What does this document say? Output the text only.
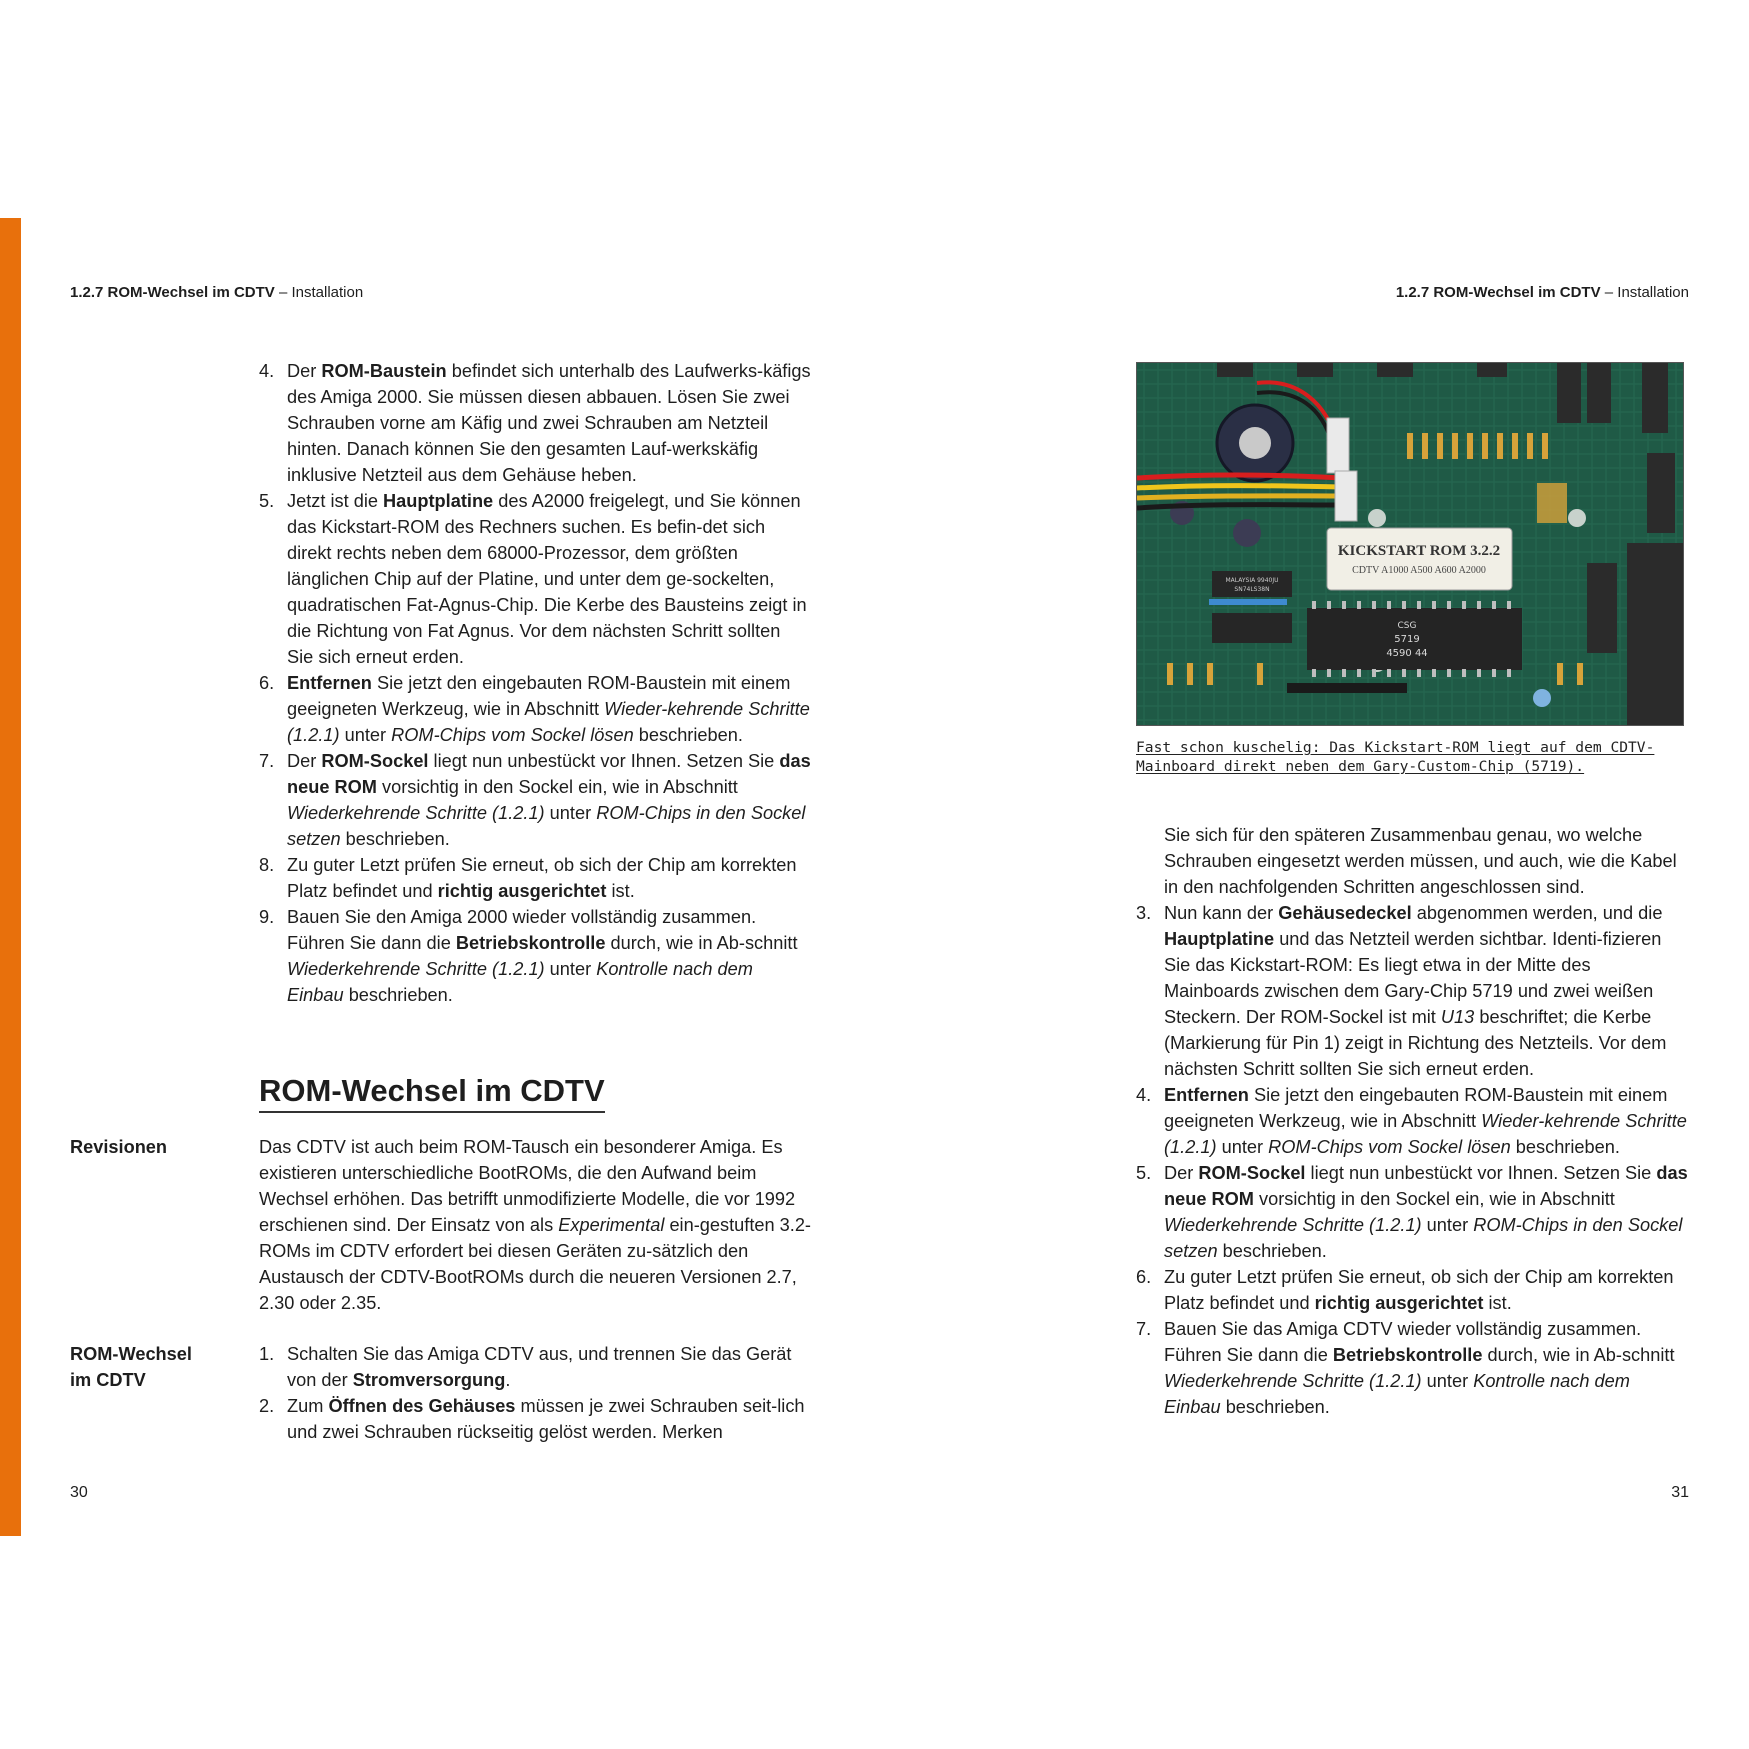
1.2.7 ROM-Wechsel im CDTV – Installation	1.2.7 ROM-Wechsel im CDTV – Installation
4. Der ROM-Baustein befindet sich unterhalb des Laufwerks-käfigs des Amiga 2000. Sie müssen diesen abbauen. Lösen Sie zwei Schrauben vorne am Käfig und zwei Schrauben am Netzteil hinten. Danach können Sie den gesamten Lauf-werkskäfig inklusive Netzteil aus dem Gehäuse heben.
5. Jetzt ist die Hauptplatine des A2000 freigelegt, und Sie können das Kickstart-ROM des Rechners suchen. Es befin-det sich direkt rechts neben dem 68000-Prozessor, dem größten länglichen Chip auf der Platine, und unter dem ge-sockelten, quadratischen Fat-Agnus-Chip. Die Kerbe des Bausteins zeigt in die Richtung von Fat Agnus. Vor dem nächsten Schritt sollten Sie sich erneut erden.
6. Entfernen Sie jetzt den eingebauten ROM-Baustein mit einem geeigneten Werkzeug, wie in Abschnitt Wieder-kehrende Schritte (1.2.1) unter ROM-Chips vom Sockel lösen beschrieben.
7. Der ROM-Sockel liegt nun unbestückt vor Ihnen. Setzen Sie das neue ROM vorsichtig in den Sockel ein, wie in Abschnitt Wiederkehrende Schritte (1.2.1) unter ROM-Chips in den Sockel setzen beschrieben.
8. Zu guter Letzt prüfen Sie erneut, ob sich der Chip am korrekten Platz befindet und richtig ausgerichtet ist.
9. Bauen Sie den Amiga 2000 wieder vollständig zusammen. Führen Sie dann die Betriebskontrolle durch, wie in Ab-schnitt Wiederkehrende Schritte (1.2.1) unter Kontrolle nach dem Einbau beschrieben.
ROM-Wechsel im CDTV
Revisionen	Das CDTV ist auch beim ROM-Tausch ein besonderer Amiga. Es existieren unterschiedliche BootROMs, die den Aufwand beim Wechsel erhöhen. Das betrifft unmodifizierte Modelle, die vor 1992 erschienen sind. Der Einsatz von als Experimental ein-gestuften 3.2-ROMs im CDTV erfordert bei diesen Geräten zu-sätzlich den Austausch der CDTV-BootROMs durch die neueren Versionen 2.7, 2.30 oder 2.35.

ROM-Wechsel
im CDTV
1. Schalten Sie das Amiga CDTV aus, und trennen Sie das Gerät von der Stromversorgung.
2. Zum Öffnen des Gehäuses müssen je zwei Schrauben seit-lich und zwei Schrauben rückseitig gelöst werden. Merken
30
KICKSTART ROM 3.2.2
CDTV A1000 A500 A600 A2000
MALAYSIA 9940JU
SN74LS38N
CSG
5719
4590 44
Fast schon kuschelig: Das Kickstart-ROM liegt auf dem CDTV-Mainboard direkt neben dem Gary-Custom-Chip (5719).

Sie sich für den späteren Zusammenbau genau, wo welche Schrauben eingesetzt werden müssen, und auch, wie die Kabel in den nachfolgenden Schritten angeschlossen sind.

3. Nun kann der Gehäusedeckel abgenommen werden, und die Hauptplatine und das Netzteil werden sichtbar. Identi-fizieren Sie das Kickstart-ROM: Es liegt etwa in der Mitte des Mainboards zwischen dem Gary-Chip 5719 und zwei weißen Steckern. Der ROM-Sockel ist mit U13 beschriftet; die Kerbe (Markierung für Pin 1) zeigt in Richtung des Netzteils. Vor dem nächsten Schritt sollten Sie sich erneut erden.
4. Entfernen Sie jetzt den eingebauten ROM-Baustein mit einem geeigneten Werkzeug, wie in Abschnitt Wieder-kehrende Schritte (1.2.1) unter ROM-Chips vom Sockel lösen beschrieben.
5. Der ROM-Sockel liegt nun unbestückt vor Ihnen. Setzen Sie das neue ROM vorsichtig in den Sockel ein, wie in Abschnitt Wiederkehrende Schritte (1.2.1) unter ROM-Chips in den Sockel setzen beschrieben.
6. Zu guter Letzt prüfen Sie erneut, ob sich der Chip am korrekten Platz befindet und richtig ausgerichtet ist.
7. Bauen Sie das Amiga CDTV wieder vollständig zusammen. Führen Sie dann die Betriebskontrolle durch, wie in Ab-schnitt Wiederkehrende Schritte (1.2.1) unter Kontrolle nach dem Einbau beschrieben.
31
